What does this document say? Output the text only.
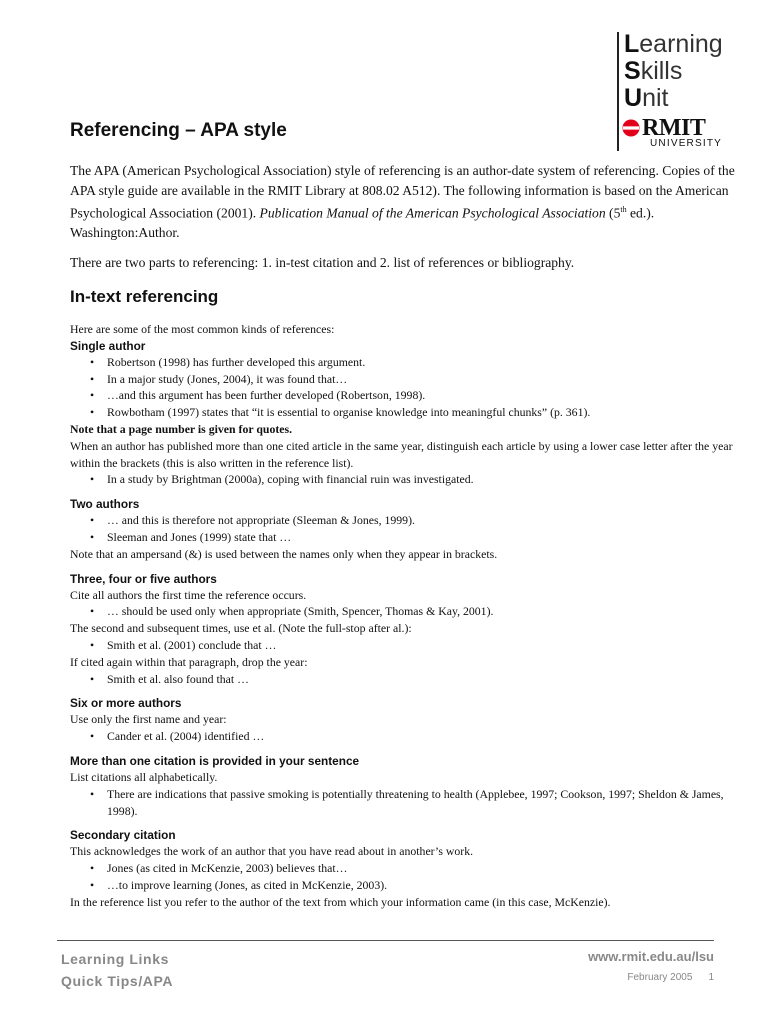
Learning
Skills
Unit
RMIT
UNIVERSITY
Referencing – APA style
The APA (American Psychological Association) style of referencing is an author-date system of referencing. Copies of the APA style guide are available in the RMIT Library at 808.02 A512). The following information is based on the American Psychological Association (2001). Publication Manual of the American Psychological Association (5th ed.). Washington:Author.
There are two parts to referencing: 1. in-test citation and 2. list of references or bibliography.
In-text referencing

Here are some of the most common kinds of references:

Single author
• Robertson (1998) has further developed this argument.
• In a major study (Jones, 2004), it was found that…
• …and this argument has been further developed (Robertson, 1998).
• Rowbotham (1997) states that “it is essential to organise knowledge into meaningful chunks” (p. 361).

Note that a page number is given for quotes.

When an author has published more than one cited article in the same year, distinguish each article by using a lower case letter after the year within the brackets (this is also written in the reference list).

• In a study by Brightman (2000a), coping with financial ruin was investigated.
Two authors
• … and this is therefore not appropriate (Sleeman & Jones, 1999).
• Sleeman and Jones (1999) state that …

Note that an ampersand (&) is used between the names only when they appear in brackets.

Three, four or five authors

Cite all authors the first time the reference occurs.

• … should be used only when appropriate (Smith, Spencer, Thomas & Kay, 2001).

The second and subsequent times, use et al. (Note the full-stop after al.):

• Smith et al. (2001) conclude that …

If cited again within that paragraph, drop the year:

• Smith et al. also found that …
Six or more authors

Use only the first name and year:

• Cander et al. (2004) identified …
More than one citation is provided in your sentence

List citations all alphabetically.

• There are indications that passive smoking is potentially threatening to health (Applebee, 1997; Cookson, 1997; Sheldon & James, 1998).
Secondary citation

This acknowledges the work of an author that you have read about in another’s work.

• Jones (as cited in McKenzie, 2003) believes that…
• …to improve learning (Jones, as cited in McKenzie, 2003).

In the reference list you refer to the author of the text from which your information came (in this case, McKenzie).

Learning Links
Quick Tips/APA
www.rmit.edu.au/lsu
February 2005 1
